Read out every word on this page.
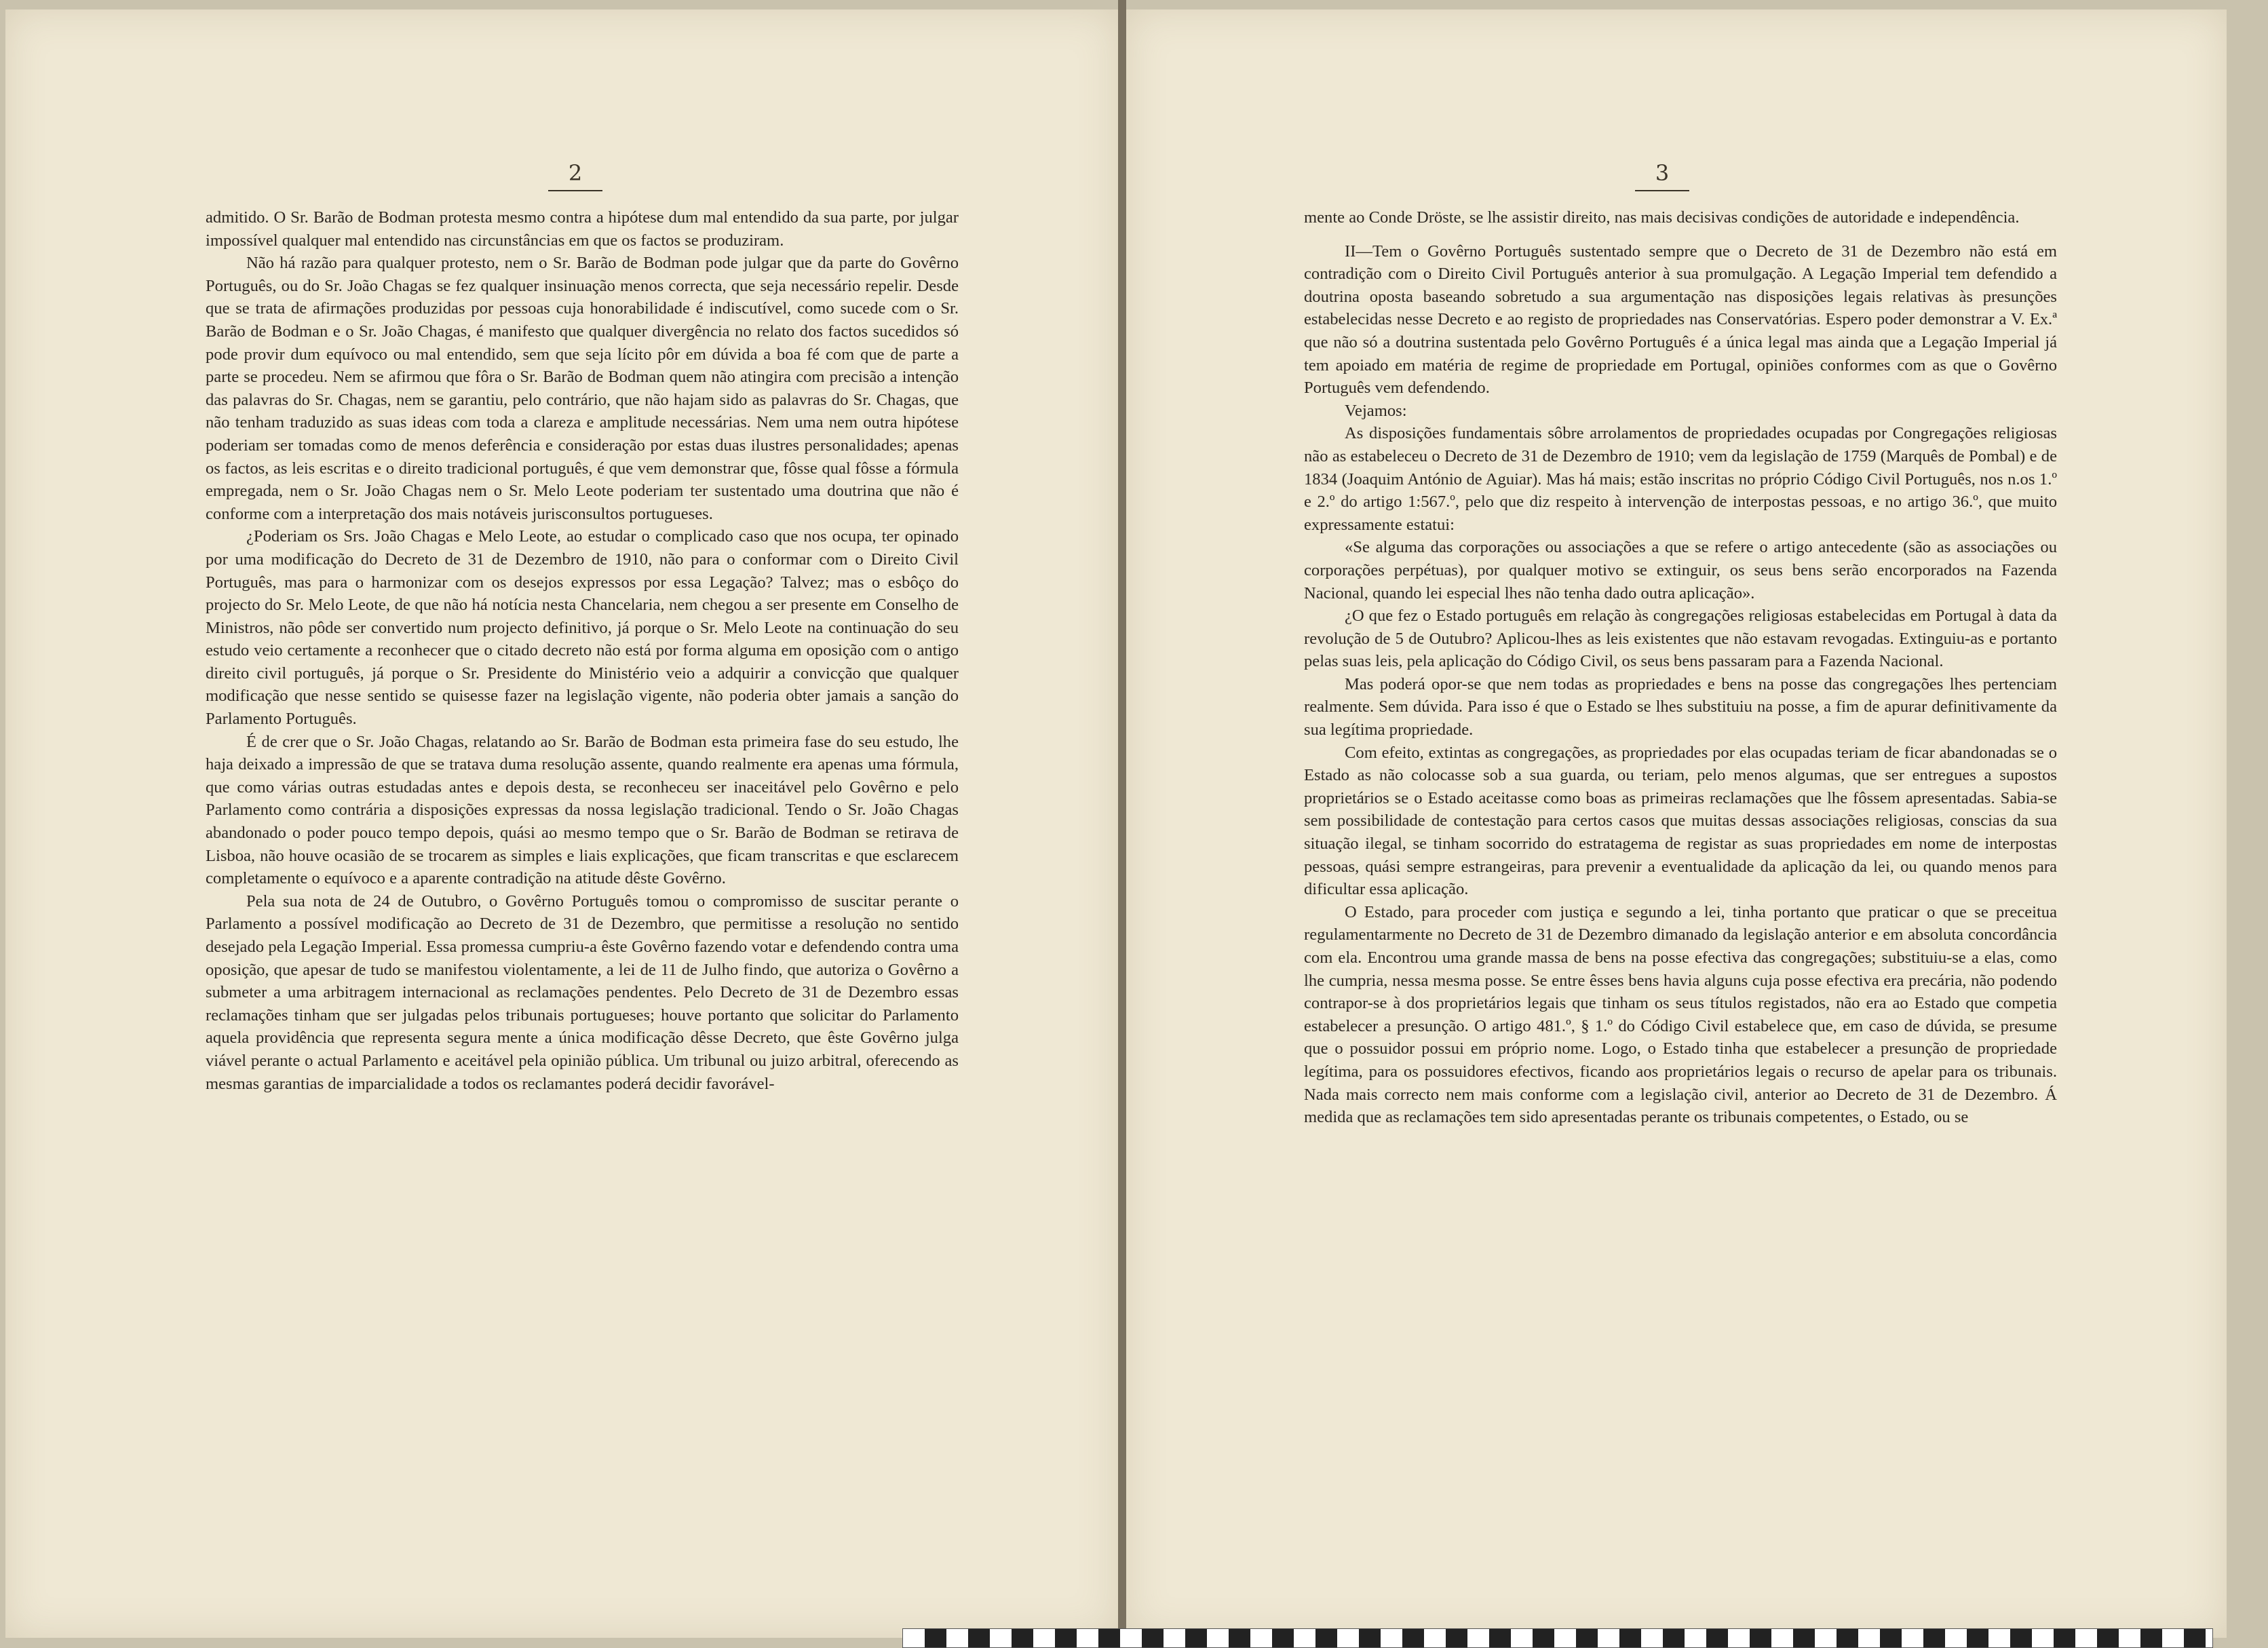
2

admitido. O Sr. Barão de Bodman protesta mesmo contra a hipótese dum mal entendido da sua parte, por julgar impossível qualquer mal entendido nas circunstâncias em que os factos se produziram.

Não há razão para qualquer protesto, nem o Sr. Barão de Bodman pode julgar que da parte do Govêrno Português, ou do Sr. João Chagas se fez qualquer insinuação menos correcta, que seja necessário repelir. Desde que se trata de afirmações produzidas por pessoas cuja honorabilidade é indiscutível, como sucede com o Sr. Barão de Bodman e o Sr. João Chagas, é manifesto que qualquer divergência no relato dos factos sucedidos só pode provir dum equívoco ou mal entendido, sem que seja lícito pôr em dúvida a boa fé com que de parte a parte se procedeu. Nem se afirmou que fôra o Sr. Barão de Bodman quem não atingira com precisão a intenção das palavras do Sr. Chagas, nem se garantiu, pelo contrário, que não hajam sido as palavras do Sr. Chagas, que não tenham traduzido as suas ideas com toda a clareza e amplitude necessárias. Nem uma nem outra hipótese poderiam ser tomadas como de menos deferência e consideração por estas duas ilustres personalidades; apenas os factos, as leis escritas e o direito tradicional português, é que vem demonstrar que, fôsse qual fôsse a fórmula empregada, nem o Sr. João Chagas nem o Sr. Melo Leote poderiam ter sustentado uma doutrina que não é conforme com a interpretação dos mais notáveis jurisconsultos portugueses.

¿Poderiam os Srs. João Chagas e Melo Leote, ao estudar o complicado caso que nos ocupa, ter opinado por uma modificação do Decreto de 31 de Dezembro de 1910, não para o conformar com o Direito Civil Português, mas para o harmonizar com os desejos expressos por essa Legação? Talvez; mas o esbôço do projecto do Sr. Melo Leote, de que não há notícia nesta Chancelaria, nem chegou a ser presente em Conselho de Ministros, não pôde ser convertido num projecto definitivo, já porque o Sr. Melo Leote na continuação do seu estudo veio certamente a reconhecer que o citado decreto não está por forma alguma em oposição com o antigo direito civil português, já porque o Sr. Presidente do Ministério veio a adquirir a convicção que qualquer modificação que nesse sentido se quisesse fazer na legislação vigente, não poderia obter jamais a sanção do Parlamento Português.

É de crer que o Sr. João Chagas, relatando ao Sr. Barão de Bodman esta primeira fase do seu estudo, lhe haja deixado a impressão de que se tratava duma resolução assente, quando realmente era apenas uma fórmula, que como várias outras estudadas antes e depois desta, se reconheceu ser inaceitável pelo Govêrno e pelo Parlamento como contrária a disposições expressas da nossa legislação tradicional. Tendo o Sr. João Chagas abandonado o poder pouco tempo depois, quási ao mesmo tempo que o Sr. Barão de Bodman se retirava de Lisboa, não houve ocasião de se trocarem as simples e liais explicações, que ficam transcritas e que esclarecem completamente o equívoco e a aparente contradição na atitude dêste Govêrno.

Pela sua nota de 24 de Outubro, o Govêrno Português tomou o compromisso de suscitar perante o Parlamento a possível modificação ao Decreto de 31 de Dezembro, que permitisse a resolução no sentido desejado pela Legação Imperial. Essa promessa cumpriu-a êste Govêrno fazendo votar e defendendo contra uma oposição, que apesar de tudo se manifestou violentamente, a lei de 11 de Julho findo, que autoriza o Govêrno a submeter a uma arbitragem internacional as reclamações pendentes. Pelo Decreto de 31 de Dezembro essas reclamações tinham que ser julgadas pelos tribunais portugueses; houve portanto que solicitar do Parlamento aquela providência que representa segura mente a única modificação dêsse Decreto, que êste Govêrno julga viável perante o actual Parlamento e aceitável pela opinião pública. Um tribunal ou juizo arbitral, oferecendo as mesmas garantias de imparcialidade a todos os reclamantes poderá decidir favorável-

3

mente ao Conde Dröste, se lhe assistir direito, nas mais decisivas condições de autoridade e independência.

II—Tem o Govêrno Português sustentado sempre que o Decreto de 31 de Dezembro não está em contradição com o Direito Civil Português anterior à sua promulgação. A Legação Imperial tem defendido a doutrina oposta baseando sobretudo a sua argumentação nas disposições legais relativas às presunções estabelecidas nesse Decreto e ao registo de propriedades nas Conservatórias. Espero poder demonstrar a V. Ex.ª que não só a doutrina sustentada pelo Govêrno Português é a única legal mas ainda que a Legação Imperial já tem apoiado em matéria de regime de propriedade em Portugal, opiniões conformes com as que o Govêrno Português vem defendendo.

Vejamos:

As disposições fundamentais sôbre arrolamentos de propriedades ocupadas por Congregações religiosas não as estabeleceu o Decreto de 31 de Dezembro de 1910; vem da legislação de 1759 (Marquês de Pombal) e de 1834 (Joaquim António de Aguiar). Mas há mais; estão inscritas no próprio Código Civil Português, nos n.os 1.º e 2.º do artigo 1:567.º, pelo que diz respeito à intervenção de interpostas pessoas, e no artigo 36.º, que muito expressamente estatui:

«Se alguma das corporações ou associações a que se refere o artigo antecedente (são as associações ou corporações perpétuas), por qualquer motivo se extinguir, os seus bens serão encorporados na Fazenda Nacional, quando lei especial lhes não tenha dado outra aplicação».

¿O que fez o Estado português em relação às congregações religiosas estabelecidas em Portugal à data da revolução de 5 de Outubro? Aplicou-lhes as leis existentes que não estavam revogadas. Extinguiu-as e portanto pelas suas leis, pela aplicação do Código Civil, os seus bens passaram para a Fazenda Nacional.

Mas poderá opor-se que nem todas as propriedades e bens na posse das congregações lhes pertenciam realmente. Sem dúvida. Para isso é que o Estado se lhes substituiu na posse, a fim de apurar definitivamente da sua legítima propriedade.

Com efeito, extintas as congregações, as propriedades por elas ocupadas teriam de ficar abandonadas se o Estado as não colocasse sob a sua guarda, ou teriam, pelo menos algumas, que ser entregues a supostos proprietários se o Estado aceitasse como boas as primeiras reclamações que lhe fôssem apresentadas. Sabia-se sem possibilidade de contestação para certos casos que muitas dessas associações religiosas, conscias da sua situação ilegal, se tinham socorrido do estratagema de registar as suas propriedades em nome de interpostas pessoas, quási sempre estrangeiras, para prevenir a eventualidade da aplicação da lei, ou quando menos para dificultar essa aplicação.

O Estado, para proceder com justiça e segundo a lei, tinha portanto que praticar o que se preceitua regulamentarmente no Decreto de 31 de Dezembro dimanado da legislação anterior e em absoluta concordância com ela. Encontrou uma grande massa de bens na posse efectiva das congregações; substituiu-se a elas, como lhe cumpria, nessa mesma posse. Se entre êsses bens havia alguns cuja posse efectiva era precária, não podendo contrapor-se à dos proprietários legais que tinham os seus títulos registados, não era ao Estado que competia estabelecer a presunção. O artigo 481.º, § 1.º do Código Civil estabelece que, em caso de dúvida, se presume que o possuidor possui em próprio nome. Logo, o Estado tinha que estabelecer a presunção de propriedade legítima, para os possuidores efectivos, ficando aos proprietários legais o recurso de apelar para os tribunais. Nada mais correcto nem mais conforme com a legislação civil, anterior ao Decreto de 31 de Dezembro. Á medida que as reclamações tem sido apresentadas perante os tribunais competentes, o Estado, ou se
